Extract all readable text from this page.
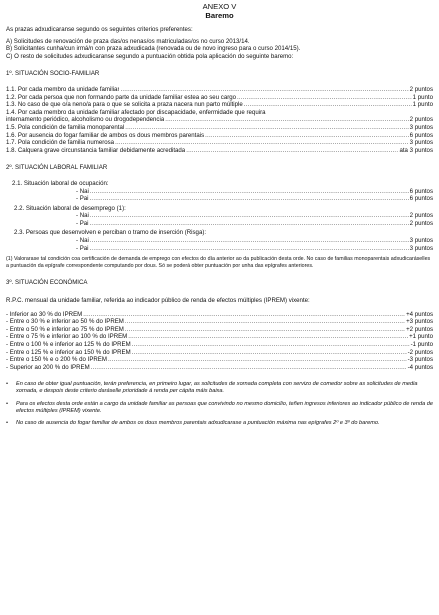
ANEXO V
Baremo
As prazas adxudicaranse segundo os seguintes criterios preferentes:
A) Solicitudes de renovación de praza das/os nenas/os matriculadas/os no curso 2013/14.
B) Solicitantes cunha/cun irmá/n con praza adxudicada (renovada ou de novo ingreso para o curso 2014/15).
C) O resto de solicitudes adxudicaranse segundo a puntuación obtida pola aplicación do seguinte baremo:
1º. SITUACIÓN SOCIO-FAMILIAR
1.1. Por cada membro da unidade familiar .....	2 puntos
1.2. Por cada persoa que non formando parte da unidade familiar estea ao seu cargo .....	1 punto
1.3. No caso de que o/a neno/a para o que se solicita a praza nacera nun parto múltiple .....	1 punto
1.4. Por cada membro da unidade familiar afectado por discapacidade, enfermidade que requira
internamento periódico, alcoholismo ou drogodependencia .....	2 puntos
1.5. Pola condición de familia monoparental .....	3 puntos
1.6. Por ausencia do fogar familiar de ambos os dous membros parentais .....	6 puntos
1.7. Pola condición de familia numerosa .....	3 puntos
1.8. Calquera grave circunstancia familiar debidamente acreditada .....	ata 3 puntos
2º. SITUACIÓN LABORAL FAMILIAR
2.1. Situación laboral de ocupación:
- Nai .....	6 puntos
- Pai .....	6 puntos
2.2. Situación laboral de desemprego (1):
- Nai .....	2 puntos
- Pai .....	2 puntos
2.3. Persoas que desenvolven e perciban o tramo de inserción (Risga):
- Nai .....	3 puntos
- Pai .....	3 puntos
(1) Valorarase tal condición coa certificación de demanda de emprego con efectos do día anterior ao da publicación desta orde. No caso de familias monoparentais adxudicaráselles a puntuación da epígrafe correspondente computando por dous. Só se poderá obter puntuación por unha das epígrafes anteriores.
3º. SITUACIÓN ECONÓMICA
R.P.C. mensual da unidade familiar, referida ao indicador público de renda de efectos múltiples (IPREM) vixente:
- Inferior ao 30 % do IPREM .....	+4 puntos
- Entre o 30 % e inferior ao 50 % do IPREM .....	+3 puntos
- Entre o 50 % e inferior ao 75 % do IPREM .....	+2 puntos
- Entre o 75 % e inferior ao 100 % do IPREM .....	+1 punto
- Entre o 100 % e inferior ao 125 % do IPREM .....	-1 punto
- Entre o 125 % e inferior ao 150 % do IPREM .....	-2 puntos
- Entre o 150 % e o 200 % do IPREM .....	-3 puntos
- Superior ao 200 % do IPREM .....	-4 puntos
•	En caso de obter igual puntuación, terán preferencia, en primeiro lugar, as solicitudes de xornada completa con servizo de comedor sobre as solicitudes de media xornada, e despois deste criterio daráselle prioridade á renda per cápita máis baixa.
•	Para os efectos desta orde están a cargo da unidade familiar as persoas que convivindo no mesmo domicilio, teñen ingresos inferiores ao indicador público de renda de efectos múltiples (IPREM) vixente.
•	No caso de ausencia do fogar familiar de ambos os dous membros parentais adxudicarase a puntuación máxima nas epígrafes 2º e 3º do baremo.
